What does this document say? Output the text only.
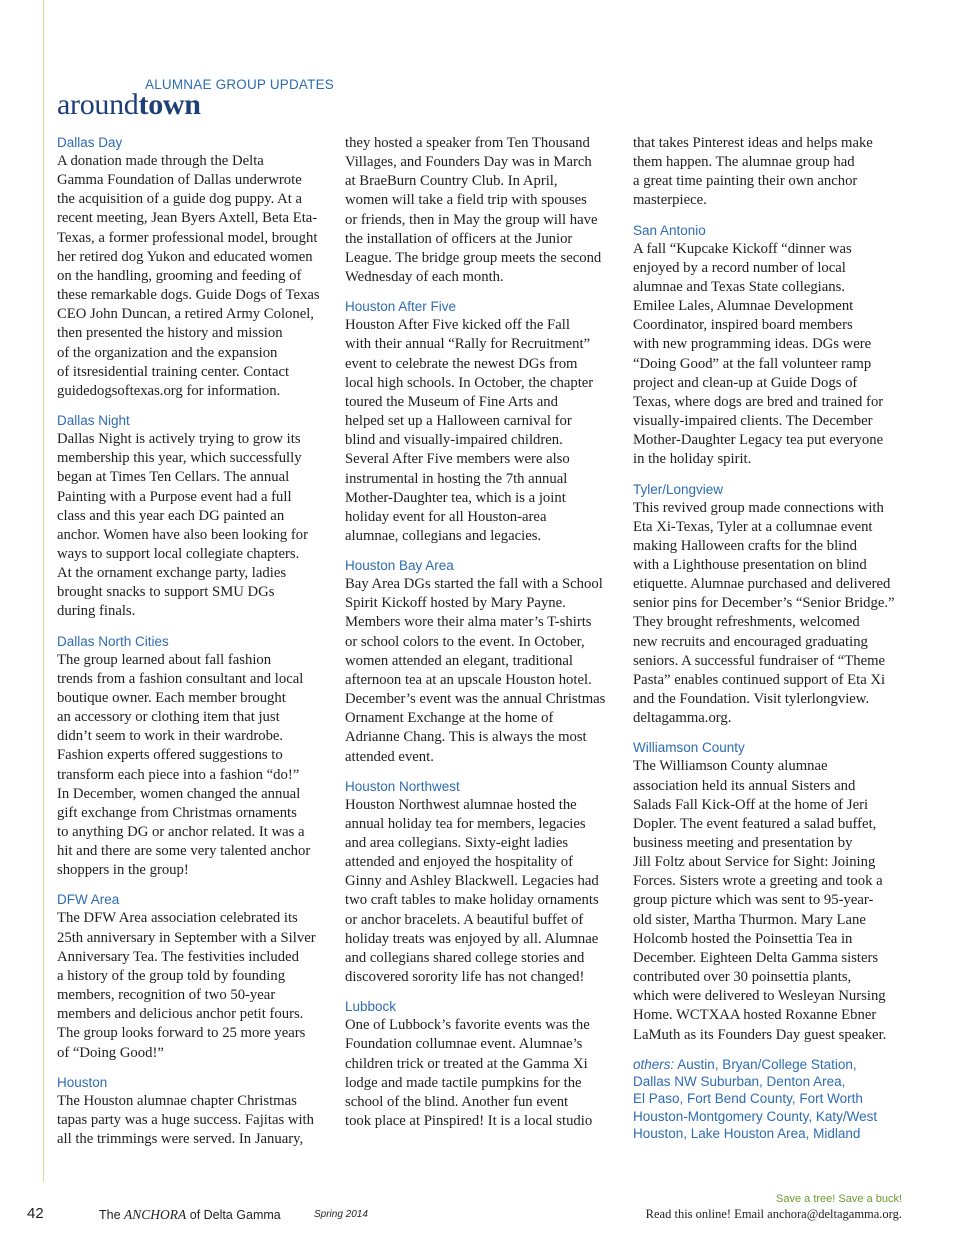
ALUMNAE GROUP UPDATES
aroundtown
Dallas Day
A donation made through the Delta
Gamma Foundation of Dallas underwrote
the acquisition of a guide dog puppy. At a
recent meeting, Jean Byers Axtell, Beta Eta-
Texas, a former professional model, brought
her retired dog Yukon and educated women
on the handling, grooming and feeding of
these remarkable dogs. Guide Dogs of Texas
CEO John Duncan, a retired Army Colonel,
then presented the history and mission
of the organization and the expansion
of itsresidential training center. Contact
guidedogsoftexas.org for information.
Dallas Night
Dallas Night is actively trying to grow its
membership this year, which successfully
began at Times Ten Cellars. The annual
Painting with a Purpose event had a full
class and this year each DG painted an
anchor. Women have also been looking for
ways to support local collegiate chapters.
At the ornament exchange party, ladies
brought snacks to support SMU DGs
during finals.
Dallas North Cities
The group learned about fall fashion
trends from a fashion consultant and local
boutique owner. Each member brought
an accessory or clothing item that just
didn’t seem to work in their wardrobe.
Fashion experts offered suggestions to
transform each piece into a fashion “do!”
In December, women changed the annual
gift exchange from Christmas ornaments
to anything DG or anchor related. It was a
hit and there are some very talented anchor
shoppers in the group!
DFW Area
The DFW Area association celebrated its
25th anniversary in September with a Silver
Anniversary Tea. The festivities included
a history of the group told by founding
members, recognition of two 50-year
members and delicious anchor petit fours.
The group looks forward to 25 more years
of “Doing Good!”
Houston
The Houston alumnae chapter Christmas
tapas party was a huge success. Fajitas with
all the trimmings were served. In January,
they hosted a speaker from Ten Thousand
Villages, and Founders Day was in March
at BraeBurn Country Club. In April,
women will take a field trip with spouses
or friends, then in May the group will have
the installation of officers at the Junior
League. The bridge group meets the second
Wednesday of each month.
Houston After Five
Houston After Five kicked off the Fall
with their annual “Rally for Recruitment”
event to celebrate the newest DGs from
local high schools. In October, the chapter
toured the Museum of Fine Arts and
helped set up a Halloween carnival for
blind and visually-impaired children.
Several After Five members were also
instrumental in hosting the 7th annual
Mother-Daughter tea, which is a joint
holiday event for all Houston-area
alumnae, collegians and legacies.
Houston Bay Area
Bay Area DGs started the fall with a School
Spirit Kickoff hosted by Mary Payne.
Members wore their alma mater’s T-shirts
or school colors to the event. In October,
women attended an elegant, traditional
afternoon tea at an upscale Houston hotel.
December’s event was the annual Christmas
Ornament Exchange at the home of
Adrianne Chang. This is always the most
attended event.
Houston Northwest
Houston Northwest alumnae hosted the
annual holiday tea for members, legacies
and area collegians. Sixty-eight ladies
attended and enjoyed the hospitality of
Ginny and Ashley Blackwell. Legacies had
two craft tables to make holiday ornaments
or anchor bracelets. A beautiful buffet of
holiday treats was enjoyed by all. Alumnae
and collegians shared college stories and
discovered sorority life has not changed!
Lubbock
One of Lubbock’s favorite events was the
Foundation collumnae event. Alumnae’s
children trick or treated at the Gamma Xi
lodge and made tactile pumpkins for the
school of the blind. Another fun event
took place at Pinspired! It is a local studio
that takes Pinterest ideas and helps make
them happen. The alumnae group had
a great time painting their own anchor
masterpiece.
San Antonio
A fall “Kupcake Kickoff “dinner was
enjoyed by a record number of local
alumnae and Texas State collegians.
Emilee Lales, Alumnae Development
Coordinator, inspired board members
with new programming ideas. DGs were
“Doing Good” at the fall volunteer ramp
project and clean-up at Guide Dogs of
Texas, where dogs are bred and trained for
visually-impaired clients. The December
Mother-Daughter Legacy tea put everyone
in the holiday spirit.
Tyler/Longview
This revived group made connections with
Eta Xi-Texas, Tyler at a collumnae event
making Halloween crafts for the blind
with a Lighthouse presentation on blind
etiquette. Alumnae purchased and delivered
senior pins for December’s “Senior Bridge.”
They brought refreshments, welcomed
new recruits and encouraged graduating
seniors. A successful fundraiser of “Theme
Pasta” enables continued support of Eta Xi
and the Foundation. Visit tylerlongview.
deltagamma.org.
Williamson County
The Williamson County alumnae
association held its annual Sisters and
Salads Fall Kick-Off at the home of Jeri
Dopler. The event featured a salad buffet,
business meeting and presentation by
Jill Foltz about Service for Sight: Joining
Forces. Sisters wrote a greeting and took a
group picture which was sent to 95-year-
old sister, Martha Thurmon. Mary Lane
Holcomb hosted the Poinsettia Tea in
December. Eighteen Delta Gamma sisters
contributed over 30 poinsettia plants,
which were delivered to Wesleyan Nursing
Home. WCTXAA hosted Roxanne Ebner
LaMuth as its Founders Day guest speaker.
others: Austin, Bryan/College Station,
Dallas NW Suburban, Denton Area,
El Paso, Fort Bend County, Fort Worth
Houston-Montgomery County, Katy/West
Houston, Lake Houston Area, Midland
42	The ANCHORA of Delta Gamma	Spring 2014
Save a tree! Save a buck!
Read this online! Email anchora@deltagamma.org.
